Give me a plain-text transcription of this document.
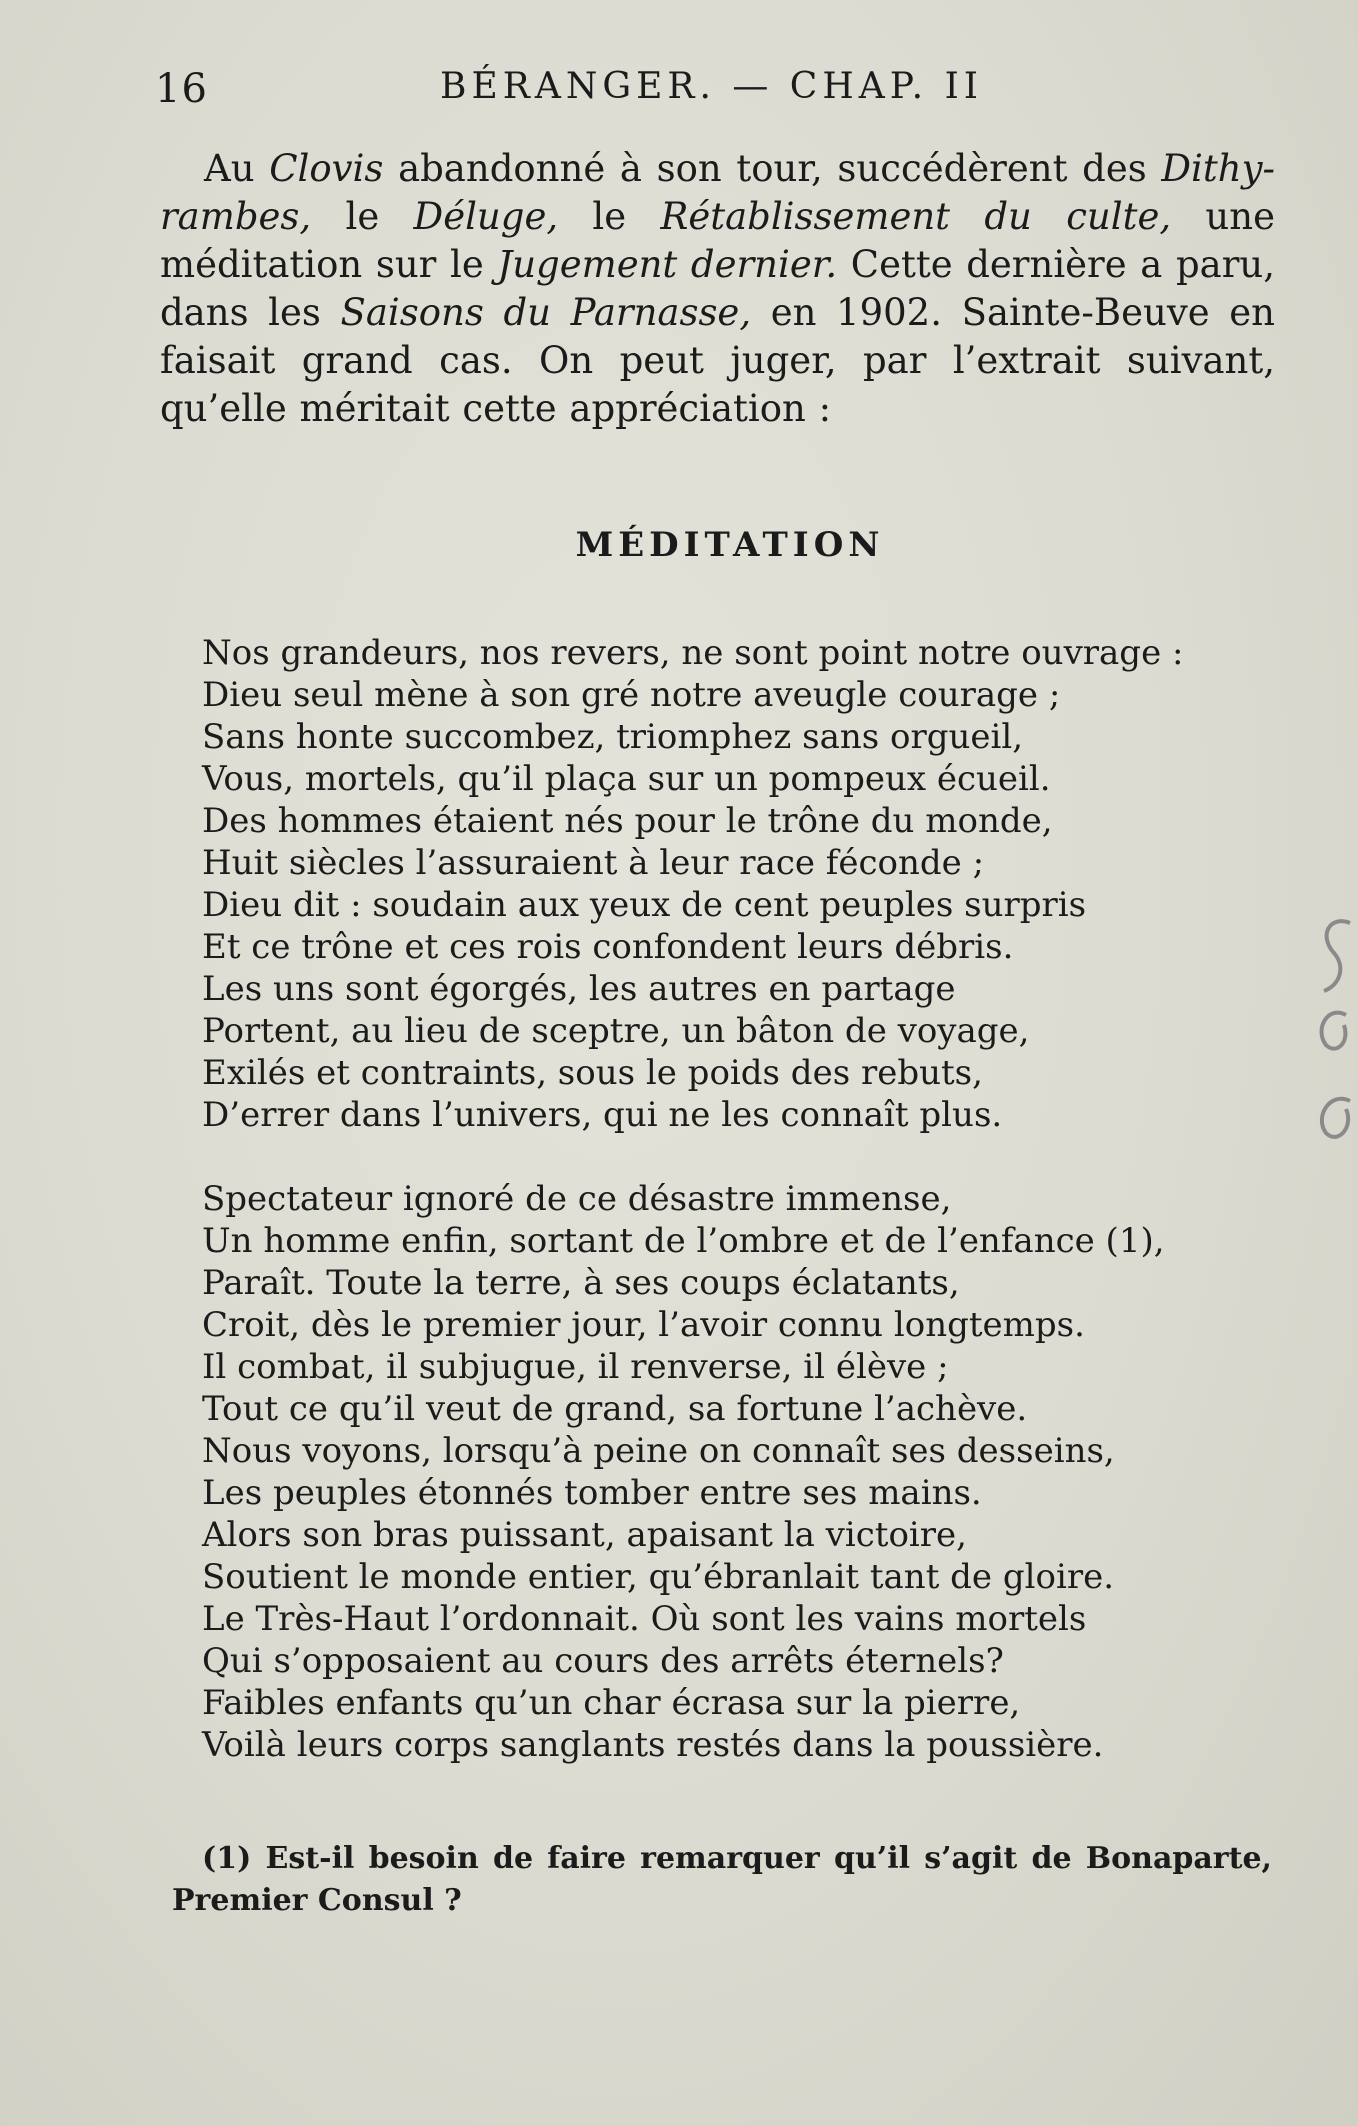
16	BÉRANGER. — CHAP. II

Au Clovis abandonné à son tour, succédèrent des Dithy-rambes, le Déluge, le Rétablissement du culte, une méditation sur le Jugement dernier. Cette dernière a paru, dans les Saisons du Parnasse, en 1902. Sainte-Beuve en faisait grand cas. On peut juger, par l’extrait suivant, qu’elle méritait cette appréciation :

MÉDITATION
Nos grandeurs, nos revers, ne sont point notre ouvrage :
Dieu seul mène à son gré notre aveugle courage ;
Sans honte succombez, triomphez sans orgueil,
Vous, mortels, qu’il plaça sur un pompeux écueil.
Des hommes étaient nés pour le trône du monde,
Huit siècles l’assuraient à leur race féconde ;
Dieu dit : soudain aux yeux de cent peuples surpris
Et ce trône et ces rois confondent leurs débris.
Les uns sont égorgés, les autres en partage
Portent, au lieu de sceptre, un bâton de voyage,
Exilés et contraints, sous le poids des rebuts,
D’errer dans l’univers, qui ne les connaît plus.
Spectateur ignoré de ce désastre immense,
Un homme enfin, sortant de l’ombre et de l’enfance (1),
Paraît. Toute la terre, à ses coups éclatants,
Croit, dès le premier jour, l’avoir connu longtemps.
Il combat, il subjugue, il renverse, il élève ;
Tout ce qu’il veut de grand, sa fortune l’achève.
Nous voyons, lorsqu’à peine on connaît ses desseins,
Les peuples étonnés tomber entre ses mains.
Alors son bras puissant, apaisant la victoire,
Soutient le monde entier, qu’ébranlait tant de gloire.
Le Très-Haut l’ordonnait. Où sont les vains mortels
Qui s’opposaient au cours des arrêts éternels?
Faibles enfants qu’un char écrasa sur la pierre,
Voilà leurs corps sanglants restés dans la poussière.

(1) Est-il besoin de faire remarquer qu’il s’agit de Bonaparte, Premier Consul ?
